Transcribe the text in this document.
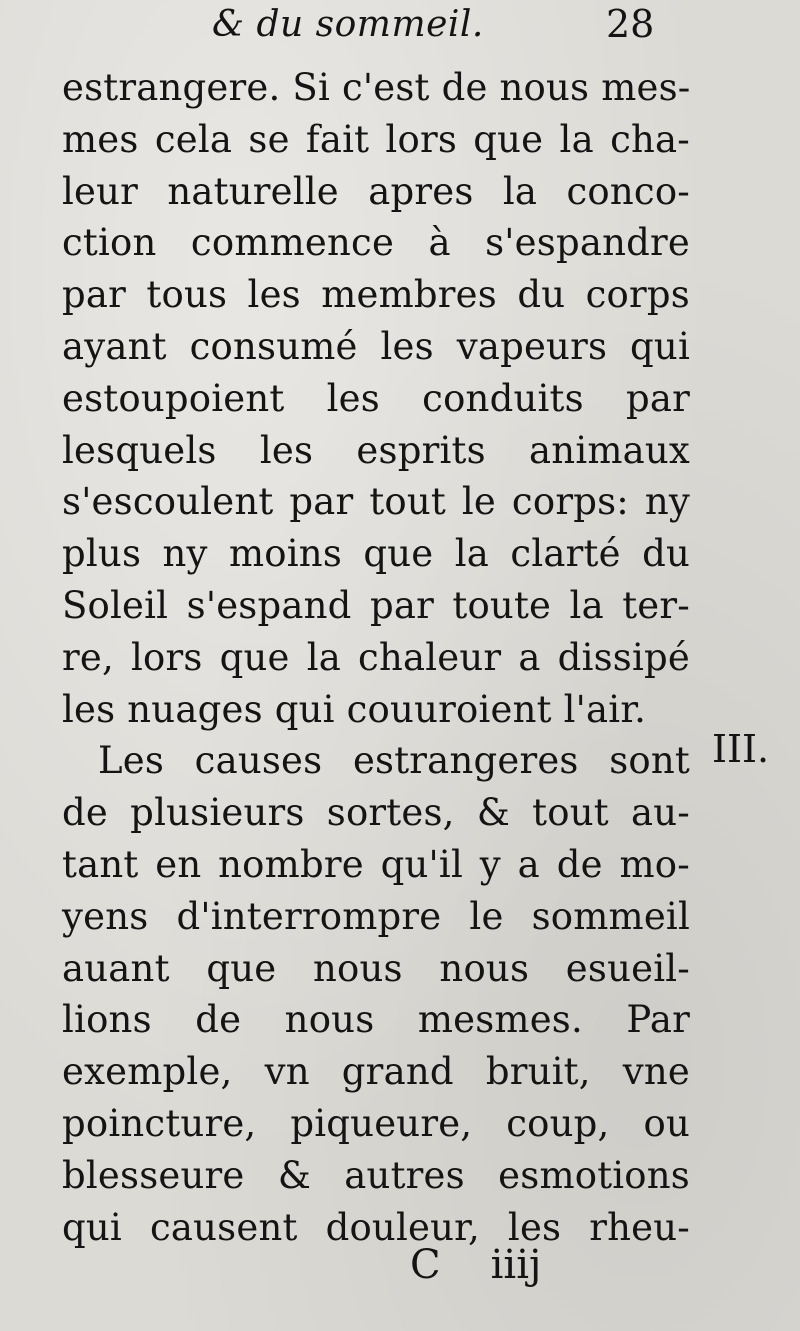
& du sommeil.	28
estrangere. Si c'est de nous mes-
mes cela se fait lors que la cha-
leur naturelle apres la conco-
ction commence à s'espandre
par tous les membres du corps
ayant consumé les vapeurs qui
estoupoient les conduits par
lesquels les esprits animaux
s'escoulent par tout le corps: ny
plus ny moins que la clarté du
Soleil s'espand par toute la ter-
re, lors que la chaleur a dissipé
les nuages qui couuroient l'air.
Les causes estrangeres sont
de plusieurs sortes, & tout au-
tant en nombre qu'il y a de mo-
yens d'interrompre le sommeil
auant que nous nous esueil-
lions de nous mesmes. Par
exemple, vn grand bruit, vne
poincture, piqueure, coup, ou
blesseure & autres esmotions
qui causent douleur, les rheu-
III.
C iiij
